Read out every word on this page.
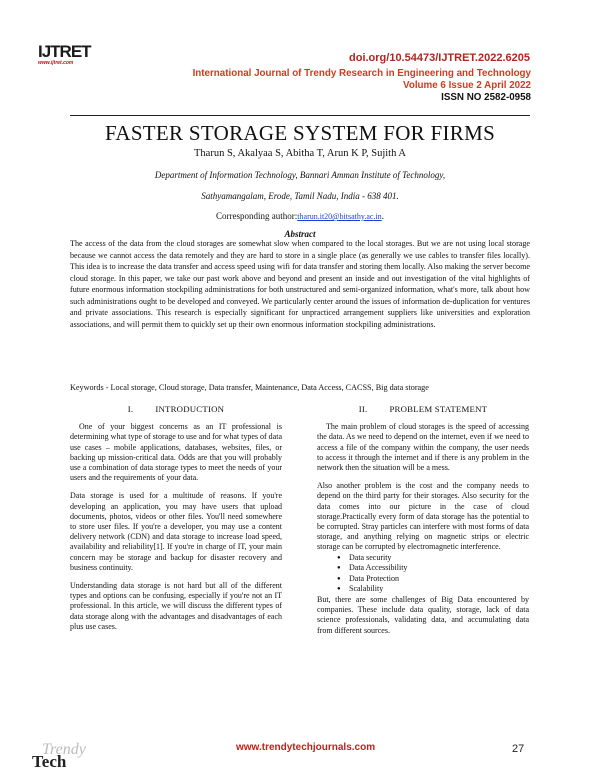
IJTRET
www.ijtret.com	doi.org/10.54473/IJTRET.2022.6205
International Journal of Trendy Research in Engineering and Technology
Volume 6 Issue 2 April 2022
ISSN NO 2582-0958
FASTER STORAGE SYSTEM FOR FIRMS
Tharun S, Akalyaa S, Abitha T, Arun K P, Sujith A
Department of Information Technology, Bannari Amman Institute of Technology,
Sathyamangalam, Erode, Tamil Nadu, India - 638 401.
Corresponding author:tharun.it20@bitsathy.ac.in.
Abstract
The access of the data from the cloud storages are somewhat slow when compared to the local storages. But we are not using local storage because we cannot access the data remotely and they are hard to store in a single place (as generally we use cables to transfer files locally). This idea is to increase the data transfer and access speed using wifi for data transfer and storing them locally. Also making the server become cloud storage. In this paper, we take our past work above and beyond and present an inside and out investigation of the vital highlights of future enormous information stockpiling administrations for both unstructured and semi-organized information, what's more, talk about how such administrations ought to be developed and conveyed. We particularly center around the issues of information de-duplication for ventures and private associations. This research is especially significant for unpracticed arrangement suppliers like universities and exploration associations, and will permit them to quickly set up their own enormous information stockpiling administrations.
Keywords - Local storage, Cloud storage, Data transfer, Maintenance, Data Access, CACSS, Big data storage
I.	INTRODUCTION

One of your biggest concerns as an IT professional is determining what type of storage to use and for what types of data use cases – mobile applications, databases, websites, files, or backing up mission-critical data. Odds are that you will probably use a combination of data storage types to meet the needs of your users and the requirements of your data.

Data storage is used for a multitude of reasons. If you're developing an application, you may have users that upload documents, photos, videos or other files. You'll need somewhere to store user files. If you're a developer, you may use a content delivery network (CDN) and data storage to increase load speed, availability and reliability[1]. If you're in charge of IT, your main concern may be storage and backup for disaster recovery and business continuity.

Understanding data storage is not hard but all of the different types and options can be confusing, especially if you're not an IT professional. In this article, we will discuss the different types of data storage along with the advantages and disadvantages of each plus use cases.

II.	PROBLEM STATEMENT

The main problem of cloud storages is the speed of accessing the data. As we need to depend on the internet, even if we need to access a file of the company within the company, the user needs to access it through the internet and if there is any problem in the network then the situation will be a mess.

Also another problem is the cost and the company needs to depend on the third party for their storages. Also security for the data comes into our picture in the case of cloud storage.Practically every form of data storage has the potential to be corrupted. Stray particles can interfere with most forms of data storage, and anything relying on magnetic strips or electric storage can be corrupted by electromagnetic interference.

● Data security
● Data Accessibility
● Data Protection
● Scalability

But, there are some challenges of Big Data encountered by companies. These include data quality, storage, lack of data science professionals, validating data, and accumulating data from different sources.

Trendy
Tech
www.trendytechjournals.com	27
